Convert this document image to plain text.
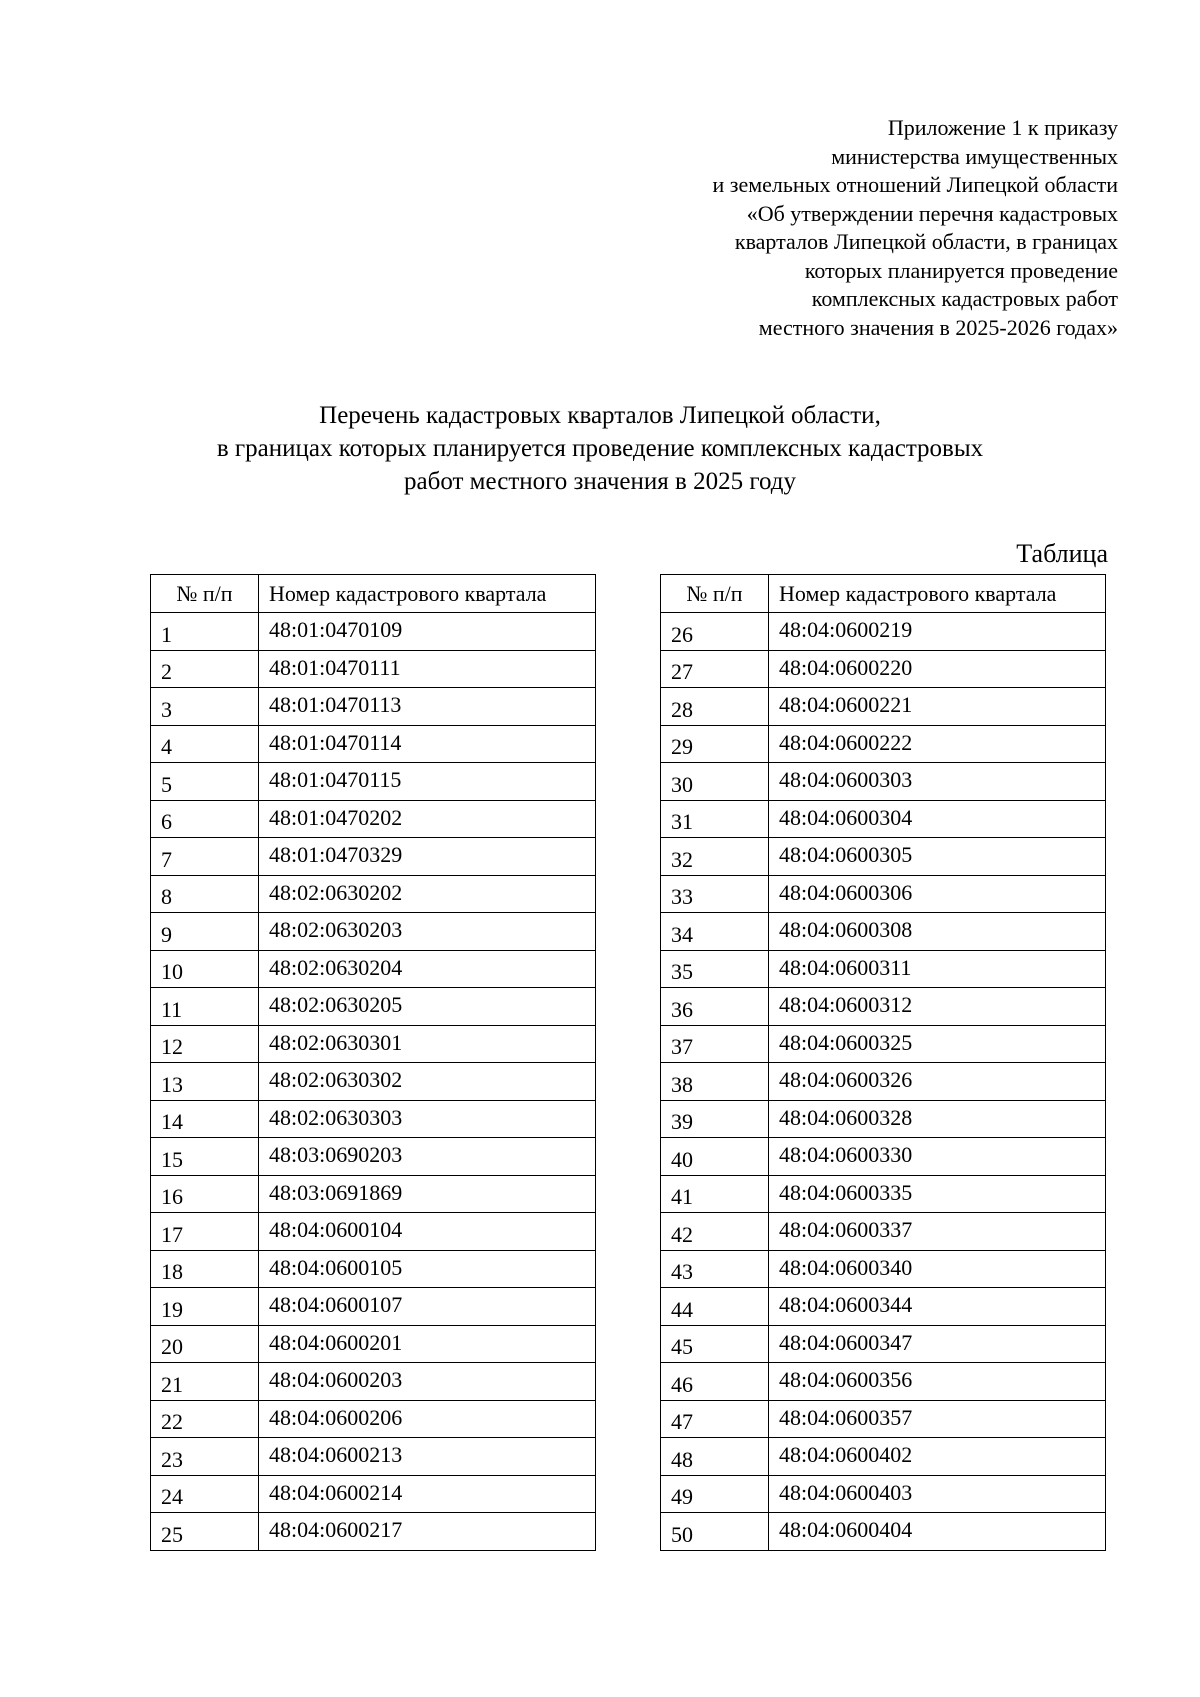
Приложение 1 к приказу
министерства имущественных
и земельных отношений Липецкой области
«Об утверждении перечня кадастровых
кварталов Липецкой области, в границах
которых планируется проведение
комплексных кадастровых работ
местного значения в 2025-2026 годах»
Перечень кадастровых кварталов Липецкой области,
в границах которых планируется проведение комплексных кадастровых
работ местного значения в 2025 году
Таблица
№ п/п	Номер кадастрового квартала
1	48:01:0470109
2	48:01:0470111
3	48:01:0470113
4	48:01:0470114
5	48:01:0470115
6	48:01:0470202
7	48:01:0470329
8	48:02:0630202
9	48:02:0630203
10	48:02:0630204
11	48:02:0630205
12	48:02:0630301
13	48:02:0630302
14	48:02:0630303
15	48:03:0690203
16	48:03:0691869
17	48:04:0600104
18	48:04:0600105
19	48:04:0600107
20	48:04:0600201
21	48:04:0600203
22	48:04:0600206
23	48:04:0600213
24	48:04:0600214
25	48:04:0600217
№ п/п	Номер кадастрового квартала
26	48:04:0600219
27	48:04:0600220
28	48:04:0600221
29	48:04:0600222
30	48:04:0600303
31	48:04:0600304
32	48:04:0600305
33	48:04:0600306
34	48:04:0600308
35	48:04:0600311
36	48:04:0600312
37	48:04:0600325
38	48:04:0600326
39	48:04:0600328
40	48:04:0600330
41	48:04:0600335
42	48:04:0600337
43	48:04:0600340
44	48:04:0600344
45	48:04:0600347
46	48:04:0600356
47	48:04:0600357
48	48:04:0600402
49	48:04:0600403
50	48:04:0600404
